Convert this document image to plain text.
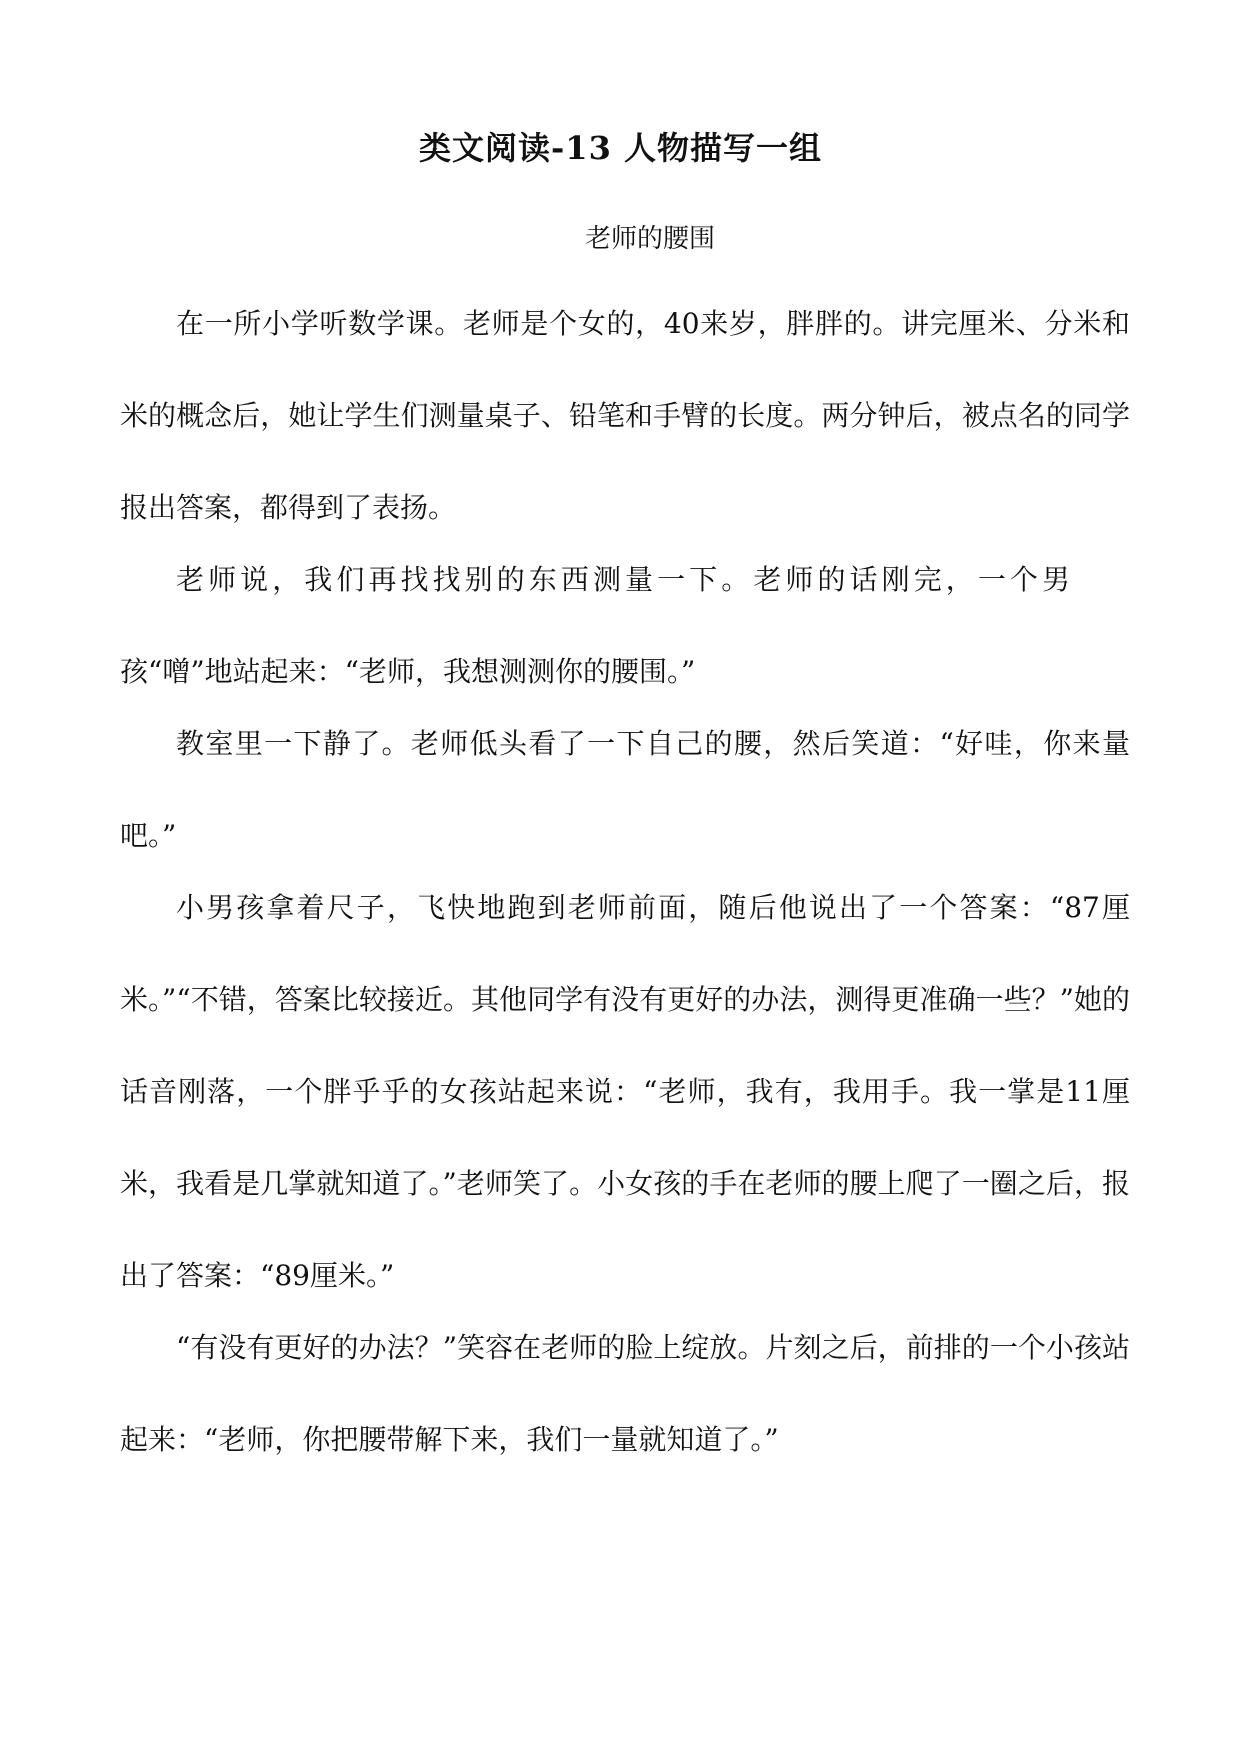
类文阅读-13 人物描写一组
老师的腰围

在一所小学听数学课。老师是个女的，40来岁，胖胖的。讲完厘米、分米和米的概念后，她让学生们测量桌子、铅笔和手臂的长度。两分钟后，被点名的同学报出答案，都得到了表扬。

老师说，我们再找找别的东西测量一下。老师的话刚完，一个男孩“噌”地站起来：“老师，我想测测你的腰围。”

教室里一下静了。老师低头看了一下自己的腰，然后笑道：“好哇，你来量吧。”

小男孩拿着尺子，飞快地跑到老师前面，随后他说出了一个答案：“87厘米。”“不错，答案比较接近。其他同学有没有更好的办法，测得更准确一些？”她的话音刚落，一个胖乎乎的女孩站起来说：“老师，我有，我用手。我一掌是11厘米，我看是几掌就知道了。”老师笑了。小女孩的手在老师的腰上爬了一圈之后，报出了答案：“89厘米。”

“有没有更好的办法？”笑容在老师的脸上绽放。片刻之后，前排的一个小孩站起来：“老师，你把腰带解下来，我们一量就知道了。”
